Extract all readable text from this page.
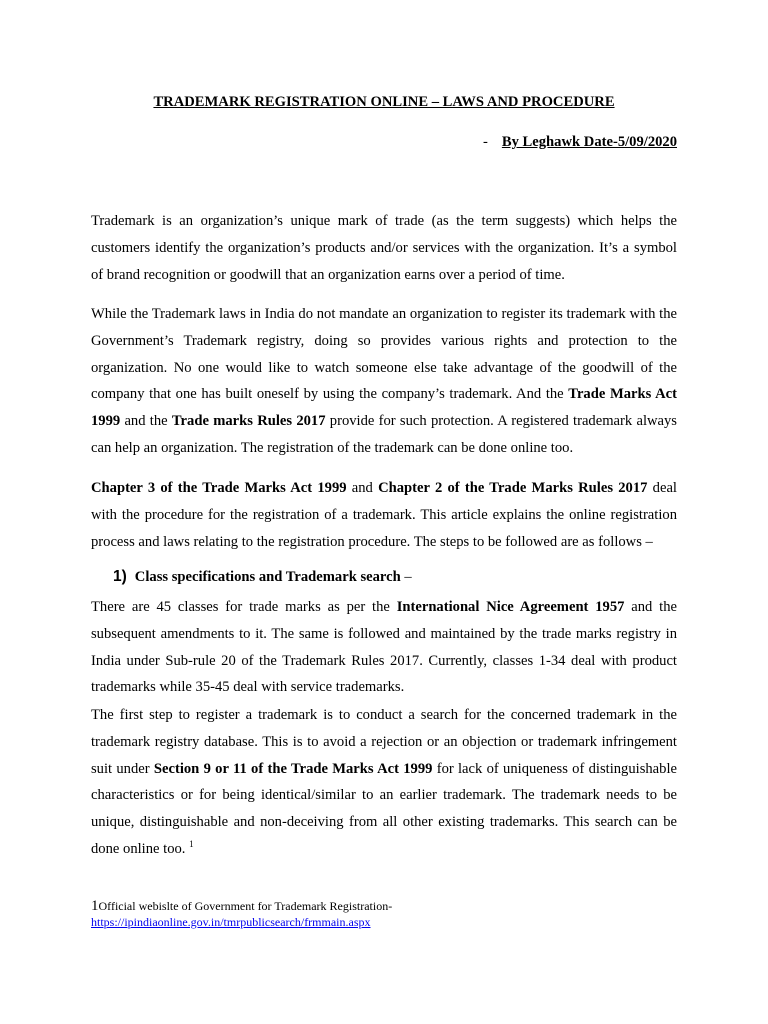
TRADEMARK REGISTRATION ONLINE – LAWS AND PROCEDURE
- By Leghawk Date-5/09/2020

Trademark is an organization’s unique mark of trade (as the term suggests) which helps the customers identify the organization’s products and/or services with the organization. It’s a symbol of brand recognition or goodwill that an organization earns over a period of time.

While the Trademark laws in India do not mandate an organization to register its trademark with the Government’s Trademark registry, doing so provides various rights and protection to the organization. No one would like to watch someone else take advantage of the goodwill of the company that one has built oneself by using the company’s trademark. And the Trade Marks Act 1999 and the Trade marks Rules 2017 provide for such protection. A registered trademark always can help an organization. The registration of the trademark can be done online too.

Chapter 3 of the Trade Marks Act 1999 and Chapter 2 of the Trade Marks Rules 2017 deal with the procedure for the registration of a trademark. This article explains the online registration process and laws relating to the registration procedure. The steps to be followed are as follows –

1) Class specifications and Trademark search –

There are 45 classes for trade marks as per the International Nice Agreement 1957 and the subsequent amendments to it. The same is followed and maintained by the trade marks registry in India under Sub-rule 20 of the Trademark Rules 2017. Currently, classes 1-34 deal with product trademarks while 35-45 deal with service trademarks.

The first step to register a trademark is to conduct a search for the concerned trademark in the trademark registry database. This is to avoid a rejection or an objection or trademark infringement suit under Section 9 or 11 of the Trade Marks Act 1999 for lack of uniqueness of distinguishable characteristics or for being identical/similar to an earlier trademark. The trademark needs to be unique, distinguishable and non-deceiving from all other existing trademarks. This search can be done online too. $^1$

1Official webislte of Government for Trademark Registration-
https://ipindiaonline.gov.in/tmrpublicsearch/frmmain.aspx
